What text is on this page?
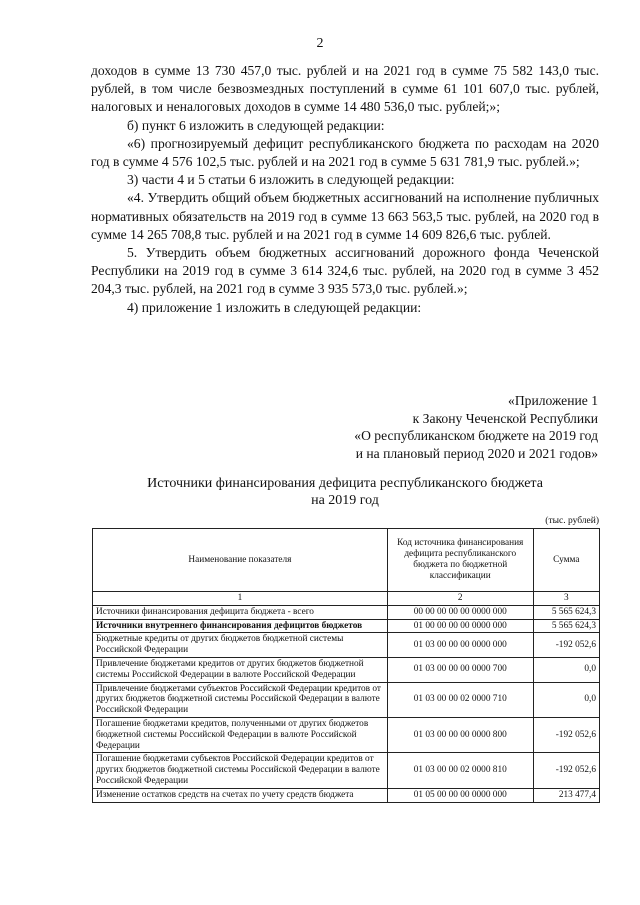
2

доходов в сумме 13 730 457,0 тыс. рублей и на 2021 год в сумме 75 582 143,0 тыс. рублей, в том числе безвозмездных поступлений в сумме 61 101 607,0 тыс. рублей, налоговых и неналоговых доходов в сумме 14 480 536,0 тыс. рублей;»;

б) пункт 6 изложить в следующей редакции:

«6) прогнозируемый дефицит республиканского бюджета по расходам на 2020 год в сумме 4 576 102,5 тыс. рублей и на 2021 год в сумме 5 631 781,9 тыс. рублей.»;

3) части 4 и 5 статьи 6 изложить в следующей редакции:

«4. Утвердить общий объем бюджетных ассигнований на исполнение публичных нормативных обязательств на 2019 год в сумме 13 663 563,5 тыс. рублей, на 2020 год в сумме 14 265 708,8 тыс. рублей и на 2021 год в сумме 14 609 826,6 тыс. рублей.

5. Утвердить объем бюджетных ассигнований дорожного фонда Чеченской Республики на 2019 год в сумме 3 614 324,6 тыс. рублей, на 2020 год в сумме 3 452 204,3 тыс. рублей, на 2021 год в сумме 3 935 573,0 тыс. рублей.»;

4) приложение 1 изложить в следующей редакции:

«Приложение 1
к Закону Чеченской Республики
«О республиканском бюджете на 2019 год
и на плановый период 2020 и 2021 годов»
Источники финансирования дефицита республиканского бюджета
на 2019 год
(тыс. рублей)
Наименование показателя	Код источника финансирования дефицита республиканского бюджета по бюджетной классификации	Сумма
1	2	3
Источники финансирования дефицита бюджета - всего	00 00 00 00 00 0000 000	5 565 624,3
Источники внутреннего финансирования дефицитов бюджетов	01 00 00 00 00 0000 000	5 565 624,3
Бюджетные кредиты от других бюджетов бюджетной системы Российской Федерации	01 03 00 00 00 0000 000	-192 052,6
Привлечение бюджетами кредитов от других бюджетов бюджетной системы Российской Федерации в валюте Российской Федерации	01 03 00 00 00 0000 700	0,0
Привлечение бюджетами субъектов Российской Федерации кредитов от других бюджетов бюджетной системы Российской Федерации в валюте Российской Федерации	01 03 00 00 02 0000 710	0,0
Погашение бюджетами кредитов, полученными от других бюджетов бюджетной системы Российской Федерации в валюте Российской Федерации	01 03 00 00 00 0000 800	-192 052,6
Погашение бюджетами субъектов Российской Федерации кредитов от других бюджетов бюджетной системы Российской Федерации в валюте Российской Федерации	01 03 00 00 02 0000 810	-192 052,6
Изменение остатков средств на счетах по учету средств бюджета	01 05 00 00 00 0000 000	213 477,4
